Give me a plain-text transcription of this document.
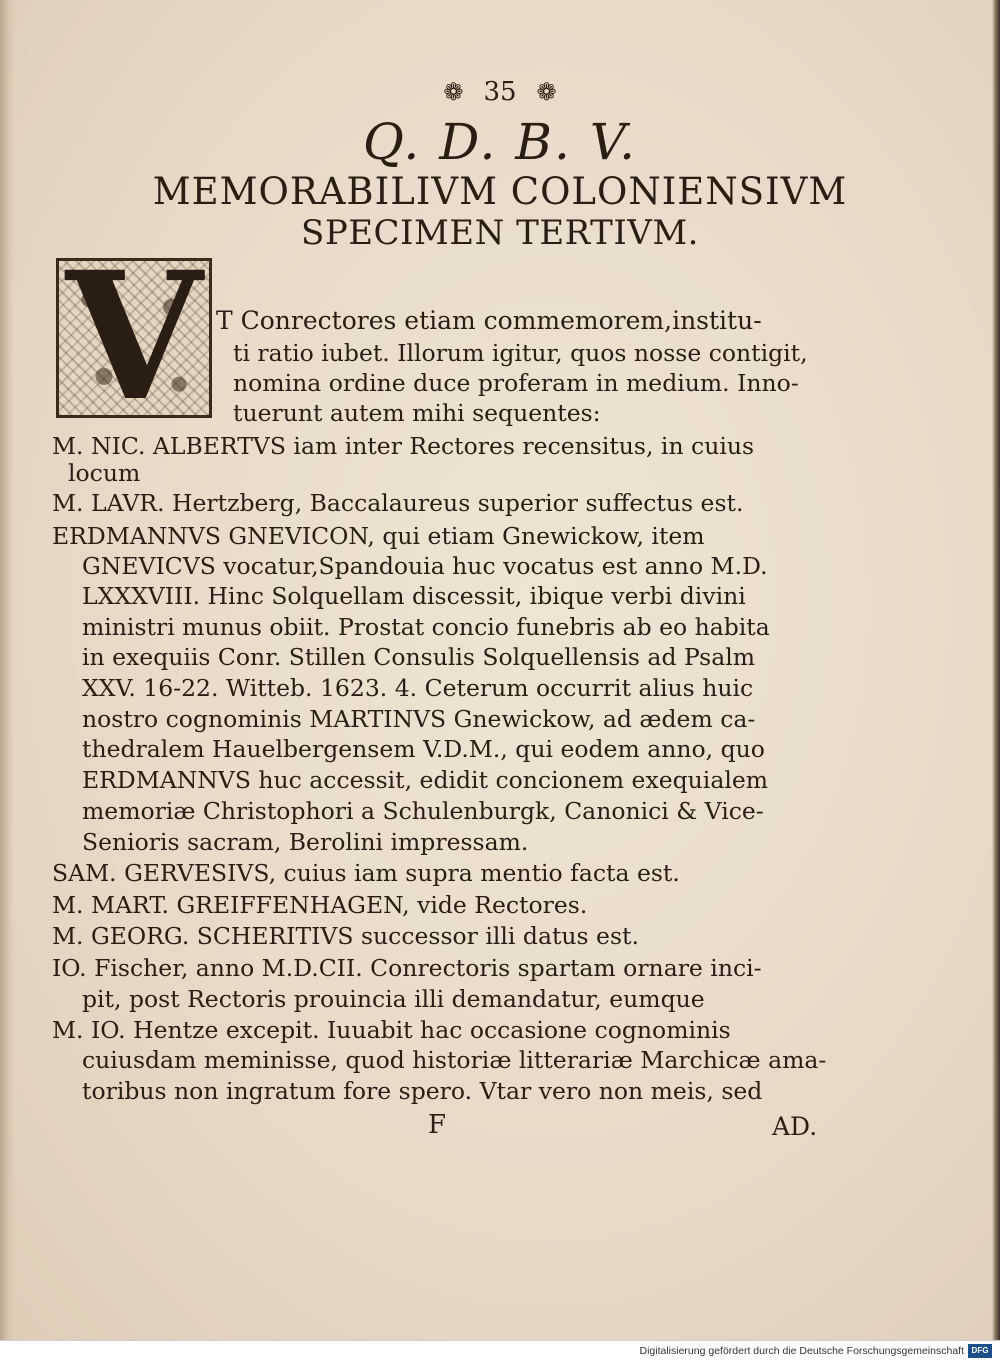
❁ 35 ❁
Q. D. B. V.
MEMORABILIVM COLONIENSIVM
SPECIMEN TERTIVM.
V T Conrectores etiam commemorem,institu-
ti ratio iubet. Illorum igitur, quos nosse contigit,
nomina ordine duce proferam in medium. Inno-
tuerunt autem mihi sequentes:
M. NIC. ALBERTVS iam inter Rectores recensitus, in cuius
locum
M. LAVR. Hertzberg, Baccalaureus superior suffectus est.
ERDMANNVS GNEVICON, qui etiam Gnewickow, item
GNEVICVS vocatur,Spandouia huc vocatus est anno M.D.
LXXXVIII. Hinc Solquellam discessit, ibique verbi divini
ministri munus obiit. Prostat concio funebris ab eo habita
in exequiis Conr. Stillen Consulis Solquellensis ad Psalm
XXV. 16-22. Witteb. 1623. 4. Ceterum occurrit alius huic
nostro cognominis MARTINVS Gnewickow, ad ædem ca-
thedralem Hauelbergensem V.D.M., qui eodem anno, quo
ERDMANNVS huc accessit, edidit concionem exequialem
memoriæ Christophori a Schulenburgk, Canonici & Vice-
Senioris sacram, Berolini impressam.
SAM. GERVESIVS, cuius iam supra mentio facta est.
M. MART. GREIFFENHAGEN, vide Rectores.
M. GEORG. SCHERITIVS successor illi datus est.
IO. Fischer, anno M.D.CII. Conrectoris spartam ornare inci-
pit, post Rectoris prouincia illi demandatur, eumque
M. IO. Hentze excepit. Iuuabit hac occasione cognominis
cuiusdam meminisse, quod historiæ litterariæ Marchicæ ama-
toribus non ingratum fore spero. Vtar vero non meis, sed
F	AD.
Digitalisierung gefördert durch die Deutsche Forschungsgemeinschaft DFG
